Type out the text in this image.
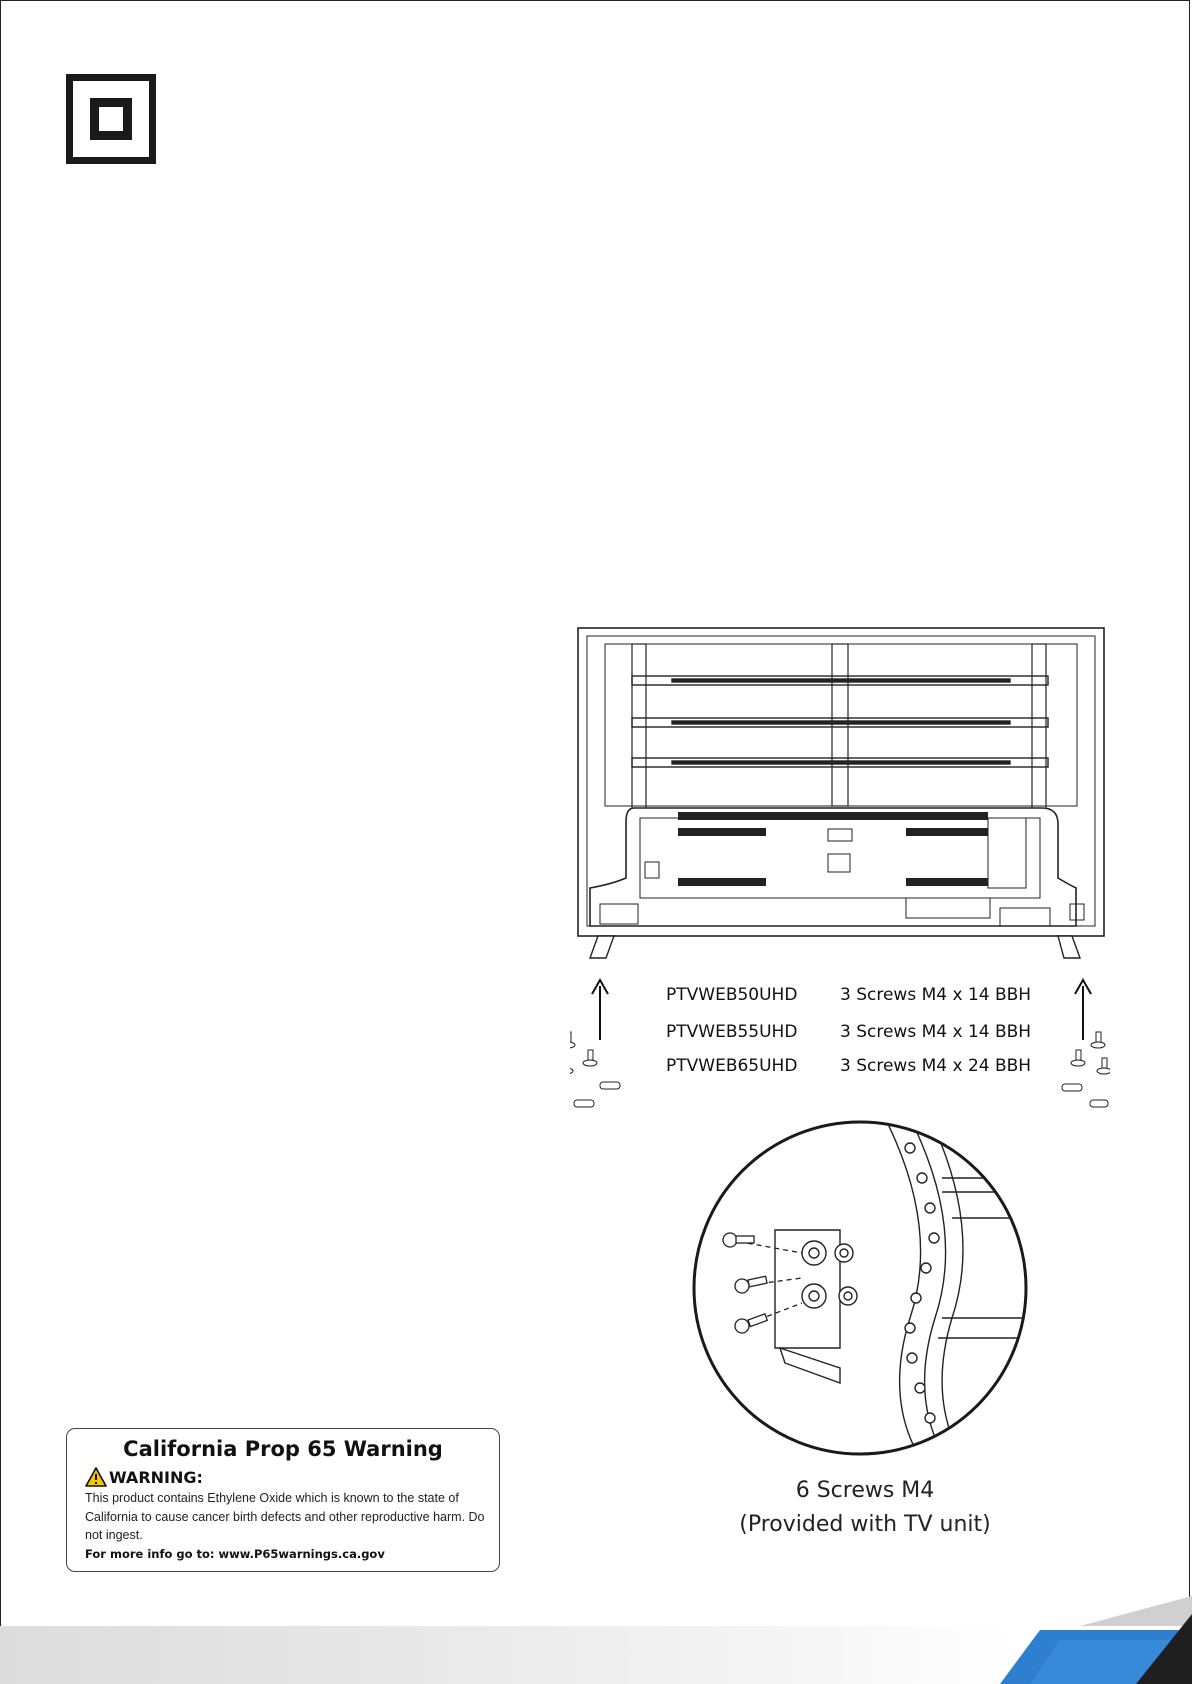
PTVWEB50UHD	3 Screws M4 x 14 BBH
PTVWEB55UHD	3 Screws M4 x 14 BBH
PTVWEB65UHD	3 Screws M4 x 24 BBH
6 Screws M4
(Provided with TV unit)
California Prop 65 Warning
WARNING:
This product contains Ethylene Oxide which is known to the state of California to cause cancer birth defects and other reproductive harm. Do not ingest.
For more info go to: www.P65warnings.ca.gov
